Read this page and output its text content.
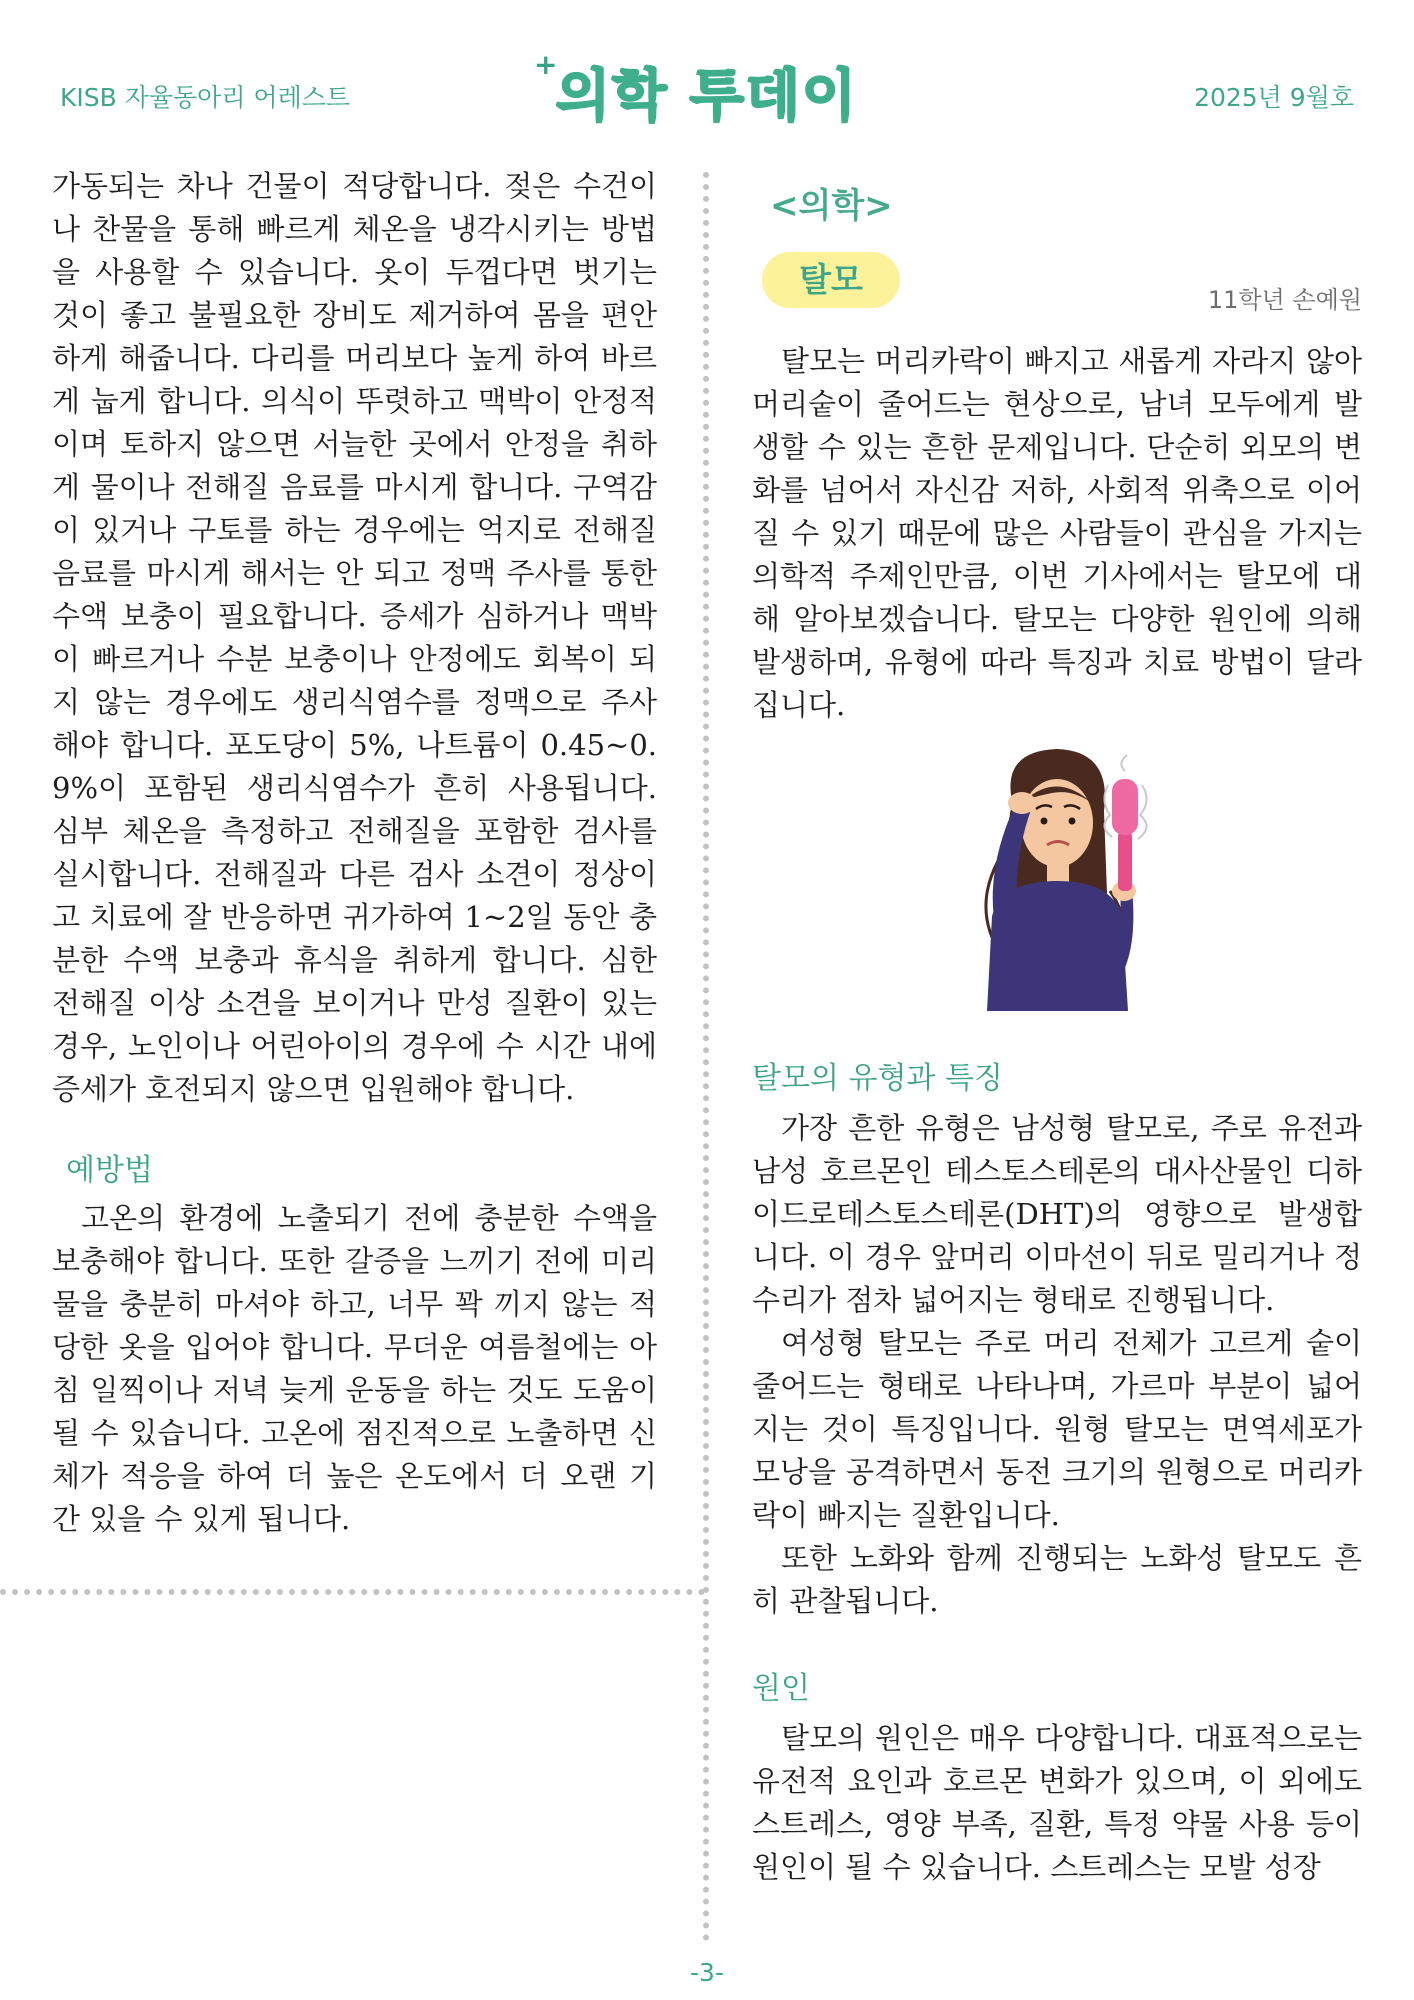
KISB 자율동아리 어레스트
+
의학 투데이	2025년 9월호

가동되는 차나 건물이 적당합니다. 젖은 수건이나 찬물을 통해 빠르게 체온을 냉각시키는 방법을 사용할 수 있습니다. 옷이 두껍다면 벗기는 것이 좋고 불필요한 장비도 제거하여 몸을 편안하게 해줍니다. 다리를 머리보다 높게 하여 바르게 눕게 합니다. 의식이 뚜렷하고 맥박이 안정적이며 토하지 않으면 서늘한 곳에서 안정을 취하게 물이나 전해질 음료를 마시게 합니다. 구역감이 있거나 구토를 하는 경우에는 억지로 전해질 음료를 마시게 해서는 안 되고 정맥 주사를 통한 수액 보충이 필요합니다. 증세가 심하거나 맥박이 빠르거나 수분 보충이나 안정에도 회복이 되지 않는 경우에도 생리식염수를 정맥으로 주사해야 합니다. 포도당이 5%, 나트륨이 0.45~0.9%이 포함된 생리식염수가 흔히 사용됩니다. 심부 체온을 측정하고 전해질을 포함한 검사를 실시합니다. 전해질과 다른 검사 소견이 정상이고 치료에 잘 반응하면 귀가하여 1~2일 동안 충분한 수액 보충과 휴식을 취하게 합니다. 심한 전해질 이상 소견을 보이거나 만성 질환이 있는 경우, 노인이나 어린아이의 경우에 수 시간 내에 증세가 호전되지 않으면 입원해야 합니다.

예방법

고온의 환경에 노출되기 전에 충분한 수액을 보충해야 합니다. 또한 갈증을 느끼기 전에 미리 물을 충분히 마셔야 하고, 너무 꽉 끼지 않는 적당한 옷을 입어야 합니다. 무더운 여름철에는 아침 일찍이나 저녁 늦게 운동을 하는 것도 도움이 될 수 있습니다. 고온에 점진적으로 노출하면 신체가 적응을 하여 더 높은 온도에서 더 오랜 기간 있을 수 있게 됩니다.

<의학>
탈모
11학년 손예원

탈모는 머리카락이 빠지고 새롭게 자라지 않아 머리숱이 줄어드는 현상으로, 남녀 모두에게 발생할 수 있는 흔한 문제입니다. 단순히 외모의 변화를 넘어서 자신감 저하, 사회적 위축으로 이어질 수 있기 때문에 많은 사람들이 관심을 가지는 의학적 주제인만큼, 이번 기사에서는 탈모에 대해 알아보겠습니다. 탈모는 다양한 원인에 의해 발생하며, 유형에 따라 특징과 치료 방법이 달라집니다.

탈모의 유형과 특징

가장 흔한 유형은 남성형 탈모로, 주로 유전과 남성 호르몬인 테스토스테론의 대사산물인 디하이드로테스토스테론(DHT)의 영향으로 발생합니다. 이 경우 앞머리 이마선이 뒤로 밀리거나 정수리가 점차 넓어지는 형태로 진행됩니다.

여성형 탈모는 주로 머리 전체가 고르게 숱이 줄어드는 형태로 나타나며, 가르마 부분이 넓어지는 것이 특징입니다. 원형 탈모는 면역세포가 모낭을 공격하면서 동전 크기의 원형으로 머리카락이 빠지는 질환입니다.

또한 노화와 함께 진행되는 노화성 탈모도 흔히 관찰됩니다.

원인

탈모의 원인은 매우 다양합니다. 대표적으로는 유전적 요인과 호르몬 변화가 있으며, 이 외에도 스트레스, 영양 부족, 질환, 특정 약물 사용 등이 원인이 될 수 있습니다. 스트레스는 모발 성장

-3-
